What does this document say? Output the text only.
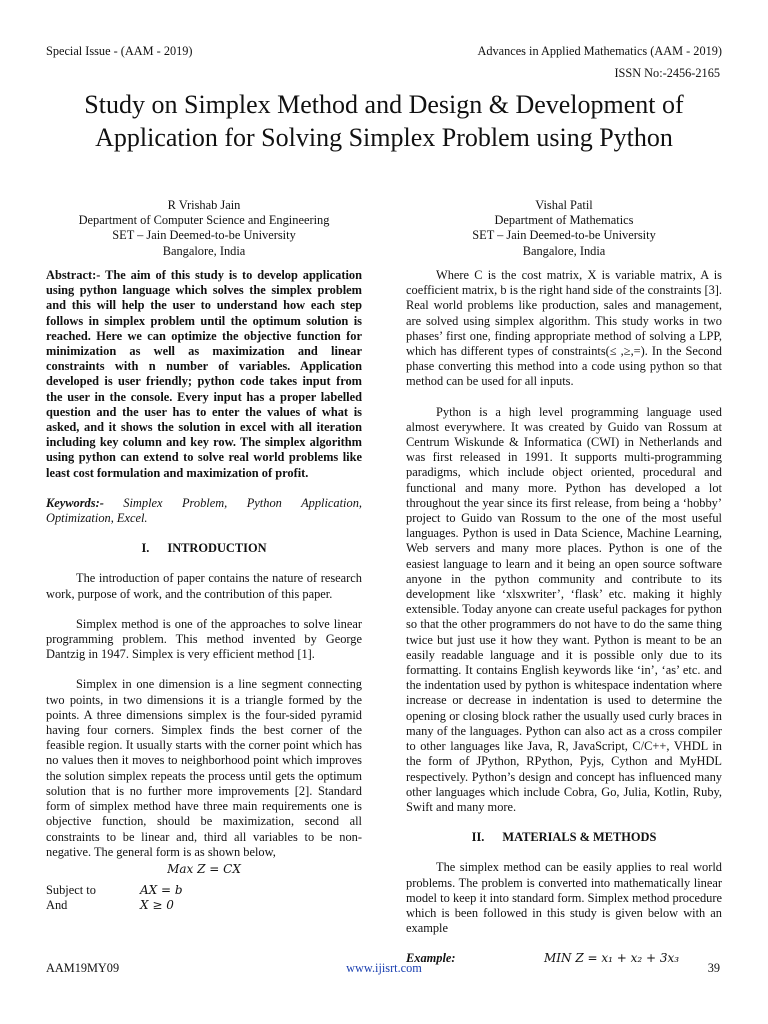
Special Issue - (AAM - 2019)	Advances in Applied Mathematics (AAM - 2019)
ISSN No:-2456-2165
Study on Simplex Method and Design & Development of Application for Solving Simplex Problem using Python
R Vrishab Jain
Department of Computer Science and Engineering
SET – Jain Deemed-to-be University
Bangalore, India
Vishal Patil
Department of Mathematics
SET – Jain Deemed-to-be University
Bangalore, India

Abstract:- The aim of this study is to develop application using python language which solves the simplex problem and this will help the user to understand how each step follows in simplex problem until the optimum solution is reached. Here we can optimize the objective function for minimization as well as maximization and linear constraints with n number of variables. Application developed is user friendly; python code takes input from the user in the console. Every input has a proper labelled question and the user has to enter the values of what is asked, and it shows the solution in excel with all iteration including key column and key row. The simplex algorithm using python can extend to solve real world problems like least cost formulation and maximization of profit.

Keywords:- Simplex Problem, Python Application, Optimization, Excel.

I. INTRODUCTION

The introduction of paper contains the nature of research work, purpose of work, and the contribution of this paper.

Simplex method is one of the approaches to solve linear programming problem. This method invented by George Dantzig in 1947. Simplex is very efficient method [1].

Simplex in one dimension is a line segment connecting two points, in two dimensions it is a triangle formed by the points. A three dimensions simplex is the four-sided pyramid having four corners. Simplex finds the best corner of the feasible region. It usually starts with the corner point which has no values then it moves to neighborhood point which improves the solution simplex repeats the process until gets the optimum solution that is no further more improvements [2]. Standard form of simplex method have three main requirements one is objective function, should be maximization, second all constraints to be linear and, third all variables to be non-negative. The general form is as shown below,

Max Z = CX

Subject to	AX = b
And	X ≥ 0

Where C is the cost matrix, X is variable matrix, A is coefficient matrix, b is the right hand side of the constraints [3]. Real world problems like production, sales and management, are solved using simplex algorithm. This study works in two phases’ first one, finding appropriate method of solving a LPP, which has different types of constraints(≤ ,≥,=). In the Second phase converting this method into a code using python so that method can be used for all inputs.

Python is a high level programming language used almost everywhere. It was created by Guido van Rossum at Centrum Wiskunde & Informatica (CWI) in Netherlands and was first released in 1991. It supports multi-programming paradigms, which include object oriented, procedural and functional and many more. Python has developed a lot throughout the year since its first release, from being a ‘hobby’ project to Guido van Rossum to the one of the most useful languages. Python is used in Data Science, Machine Learning, Web servers and many more places. Python is one of the easiest language to learn and it being an open source software anyone in the python community and contribute to its development like ‘xlsxwriter’, ‘flask’ etc. making it highly extensible. Today anyone can create useful packages for python so that the other programmers do not have to do the same thing twice but just use it how they want. Python is meant to be an easily readable language and it is possible only due to its formatting. It contains English keywords like ‘in’, ‘as’ etc. and the indentation used by python is whitespace indentation where increase or decrease in indentation is used to determine the opening or closing block rather the usually used curly braces in many of the languages. Python can also act as a cross compiler to other languages like Java, R, JavaScript, C/C++, VHDL in the form of JPython, RPython, Pyjs, Cython and MyHDL respectively. Python’s design and concept has influenced many other languages which include Cobra, Go, Julia, Kotlin, Ruby, Swift and many more.

II. MATERIALS & METHODS

The simplex method can be easily applies to real world problems. The problem is converted into mathematically linear model to keep it into standard form. Simplex method procedure which is been followed in this study is given below with an example

Example:	MIN Z = x₁ + x₂ + 3x₃
AAM19MY09	www.ijisrt.com	39
